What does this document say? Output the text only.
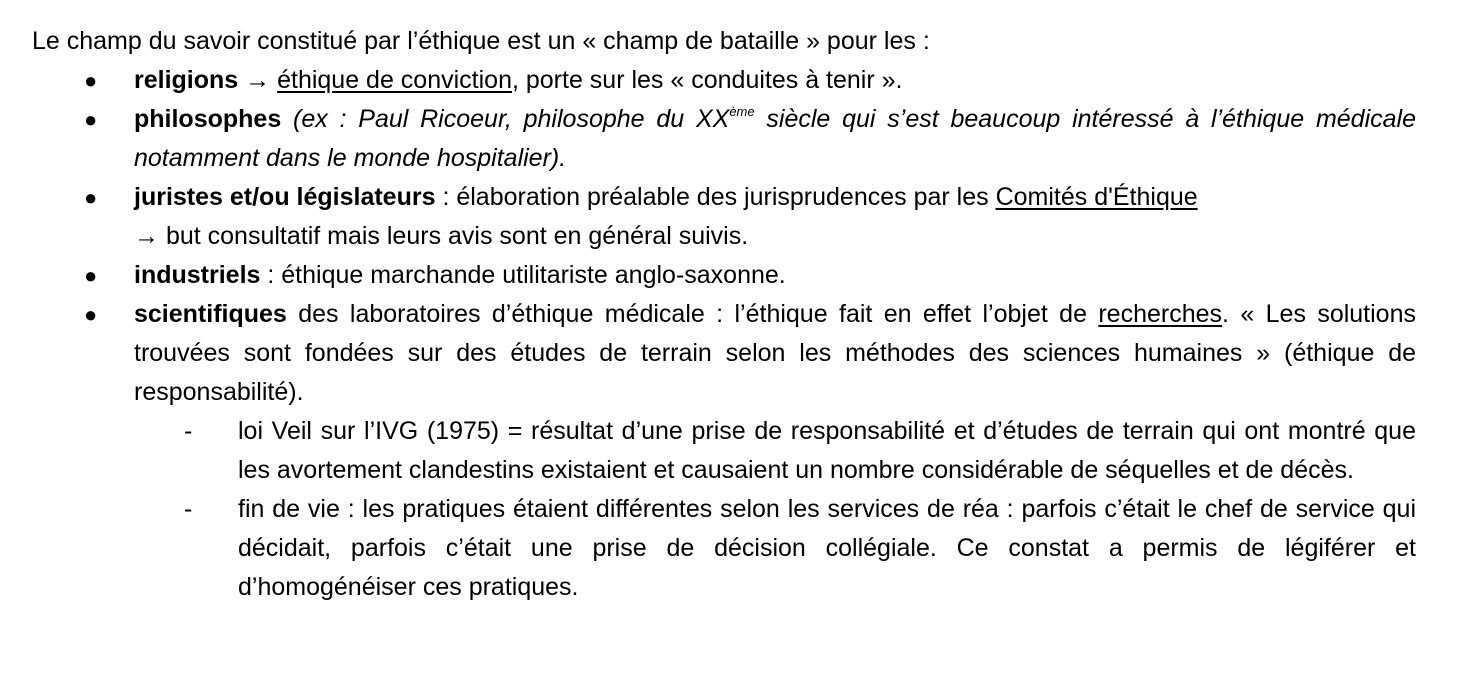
Le champ du savoir constitué par l’éthique est un « champ de bataille » pour les :

● religions → éthique de conviction, porte sur les « conduites à tenir ».
● philosophes (ex : Paul Ricoeur, philosophe du XXème siècle qui s’est beaucoup intéressé à l’éthique médicale notamment dans le monde hospitalier).
● juristes et/ou législateurs : élaboration préalable des jurisprudences par les Comités d'Éthique
→ but consultatif mais leurs avis sont en général suivis.
● industriels : éthique marchande utilitariste anglo-saxonne.
● scientifiques des laboratoires d’éthique médicale : l’éthique fait en effet l’objet de recherches. « Les solutions trouvées sont fondées sur des études de terrain selon les méthodes des sciences humaines » (éthique de responsabilité).
- loi Veil sur l’IVG (1975) = résultat d’une prise de responsabilité et d’études de terrain qui ont montré que les avortement clandestins existaient et causaient un nombre considérable de séquelles et de décès.
- fin de vie : les pratiques étaient différentes selon les services de réa : parfois c’était le chef de service qui décidait, parfois c’était une prise de décision collégiale. Ce constat a permis de légiférer et d’homogénéiser ces pratiques.
